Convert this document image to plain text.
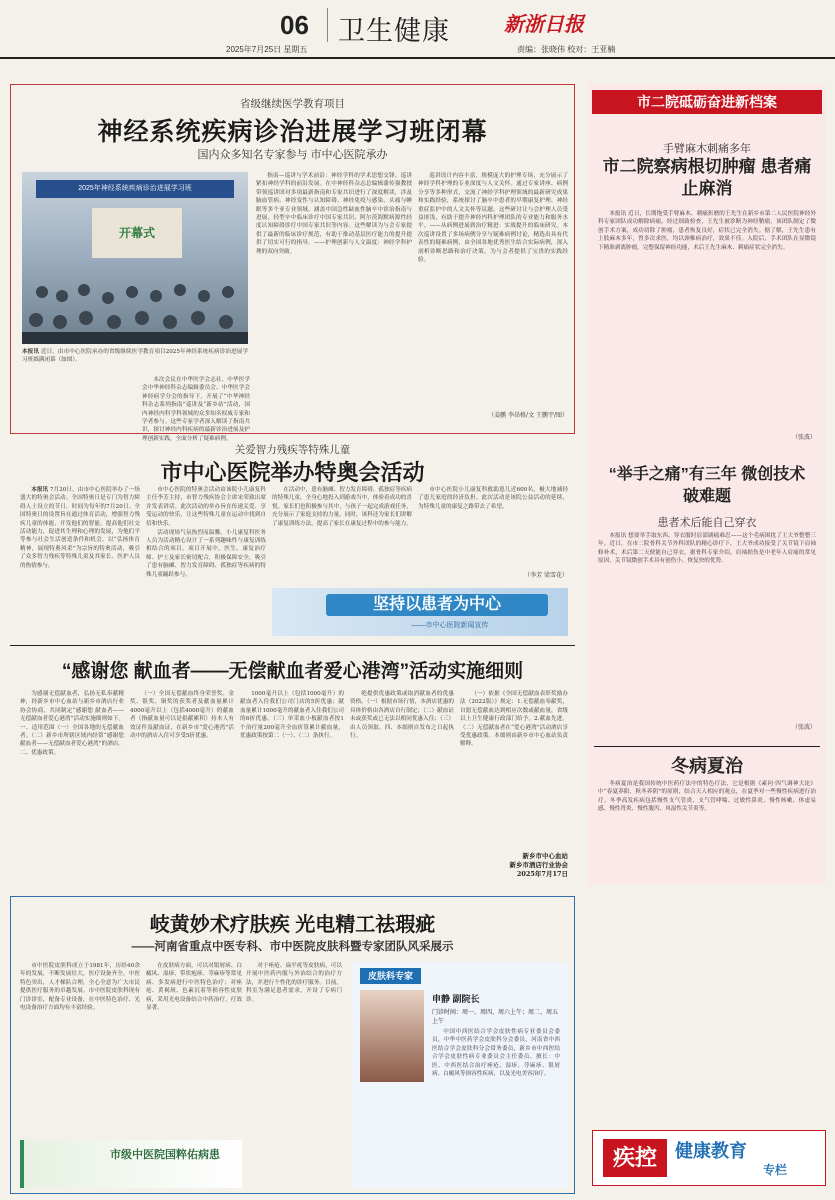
06 卫生健康	新浙日报
2025年7月25日 星期五	责编：张晓伟 校对：王亚楠
省级继续医学教育项目
神经系统疾病诊治进展学习班闭幕
国内众多知名专家参与 市中心医院承办
2025年神经系统疾病诊治进展学习班
开幕式
本报讯 近日，由市中心医院承办的省级继续医学教育项目2025年神经系统疾病诊治进展学习班圆满闭幕（如图）。

本次会议在中华医学会志社、中华医学会中华神经科杂志编辑委员会、中华医学会神经病学分会的指导下，开展了“中华神经科杂志系列指南”巡讲及“新乡站”活动，国内神经内科学科领域的众多知名权威专家和学者参与。这些专家学者深入解读了指南共识，探讨神经内科疾病的最新诊治进展及护理创新实践，全面分析了疑难病例。

指南—巡讲与学术前沿：神经学科的学术思想交锋。巡讲紧扣神经学科的前沿发展。在中神经科杂志总编辑蒲传强教授带领巡讲团对多项最新指南和专家共识进行了深度解读，涉及脑血管病、神经变性与认知障碍、神经免疫与感染、头痛与睡眠等多个亚专业领域。涵盖中国急性缺血性脑卒中诊治指南与进展、轻型卒中临床诊疗中国专家共识、阿尔茨海默病源性轻度认知障碍诊疗中国专家共识等内容。这些解读为与会专家提供了最新的临床诊疗规范，有助于推动基层医疗能力的提升提供了切实可行的指导。——护理创新与人文温度：神经学科护理的双向突破。

巡讲设计内容丰富，规模庞大的护理专场，充分展示了神经学科护理的专业深度与人文关怀。通过专家讲座、病例分享等多种形式，交流了神经学科护理领域的最新研究成果和实践经验，系统探讨了脑卒中患者的早期康复护理、神经重症监护中的人文关怀等议题。这些研讨让与会护理人员受益匪浅，有助于提升神经内科护理团队的专业能力和服务水平。——从病例进展到治疗精进：实战提升的临床研究。本次巡讲设置了多场病例分享与疑难病例讨论，精选出具有代表性的疑难病例，由全国各地优秀医生结合实际病例，深入剖析诊断思路和治疗决策，为与会者提供了宝贵的实践经验。

（姜鹏 李昂格/文 王鹏宇/图）
关爱智力残疾等特殊儿童
市中心医院举办特奥会活动

本报讯 7月20日，由市中心医院举办了一场盛大的特奥会活动。全国特奥日是专门为智力障碍人士设立的节日，时间为每年的7月20日。全国特奥日的设置旨在通过体育活动，增强智力残疾儿童的体能，开发他们的智能，提高他们社交活动能力，促进其生理和心理的发展，为他们平等参与社会生活创造条件和机会，以“弘扬体育精神，展现特奥风采”为宗旨的特奥活动，吸引了众多智力残疾等特殊儿童及其家长、医护人员的热情参与。

市中心医院的特奥会活动由该院小儿康复科主任李芳主持，市智力残疾协会主席宋荣致出席并发表讲话。此次活动的举办旨在传递关爱、享受运动的快乐，让这些特殊儿童在运动中找到自信和快乐。

活动现场气氛热烈而温馨。小儿康复科医务人员为活动精心设计了一系列趣味性与康复训练相结合的项目。项目开展中，医生、康复治疗师、护士及家长密切配合，积极保障安全，吸引了患有脑瘫、智力发育障碍、孤独症等疾病的特殊儿童踊跃参与。

在活动中，患有脑瘫、智力发育障碍、孤独症等疾病的特殊儿童，全身心地投入到游戏当中，体验着成功的喜悦。家长们也积极参与其中，与孩子一起完成游戏任务，充分展示了家庭支持的力量。同时，该科还为家长们讲解了康复训练方法，提高了家长在康复过程中的参与能力。

市中心医院小儿康复科救助患儿近600名，极大地减轻了患儿家庭的经济负担。此次活动是该院公益活动的延续，为特殊儿童的康复之路带去了希望。

（李芳 梁雪花）
坚持以患者为中心
——市中心医院新闻宣传
“感谢您 献血者——无偿献血者爱心港湾”活动实施细则

为感谢无偿献血者，弘扬无私奉献精神，经新乡市中心血站与新乡市酒店行业协会协商，共同制定“感谢您 献血者——无偿献血者爱心港湾”活动实施细则如下。一、适用范围（一）全国各地的无偿献血者。（二）新乡市所辖区域内经常“感谢您 献血者——无偿献血者爱心港湾”的酒店。二、优惠政策。

（一）全国无偿献血终身荣誉奖、金奖、银奖、铜奖的获奖者及献血量累计4000毫升以上（包括4000毫升）的献血者（指献血量可以是捐献累积）持本人有效证件及献血证，在新乡市“爱心港湾”活动中的酒店入住可享受5折优惠。

1000毫升以上（包括1000毫升）的献血者入住我们公司门店的5折优惠；献血量累计1000毫升的献血者入住我们公司的6折优惠。（三）单采血小板献血者按1个治疗量200毫升全血折算累计献血量，优惠政策按第二（一）、（二）条执行。

绝提供优惠政策或取消献血者的优惠资格。（一）根据市场行情，本酒店优惠的具体价格由各酒店自行制定；（二）献血证未或获奖或已无法以相同优惠入住；（三）由人员领取。四、本细则自发布之日起执行。

（一）依据《全国无偿献血表彰奖励办法（2022版）》规定：1.无偿献血奉献奖，自愿无偿献血达到相应次数或献血量，省级以上卫生健康行政部门给予。2.献血先进。（二）无偿献血者在“爱心港湾”活动酒店享受优惠政策。本细则由新乡市中心血站负责解释。

新乡市中心血站
新乡市酒店行业协会
2025年7月17日
市二院砥砺奋进新档案
手臂麻木刺痛多年
市二院察病根切肿瘤 患者痛止麻消

本报讯 近日，长期饱受手臂麻木、刺痛折磨的王先生在新乡市第二人民医院神经外科专家团队成功解除病痛。经过细致检查，王先生被诊断为神经鞘瘤，该团队制定了微创手术方案，成功切除了肿瘤，患者恢复良好，症状已完全消失。据了解，王先生患有上肢麻木多年，曾多次求医，均以颈椎病治疗，效果不佳。入院后，手术团队在显微镜下精准剥离肿瘤，完整保留神经功能，术后王先生麻木、刺痛症状完全消失。

（张波）
“举手之痛”有三年 微创技术破难题
患者术后能自己穿衣

本报讯 想要举手取东西、穿衣服时肩部剧痛难忍——这个毛病困扰了王大爷整整三年。近日，在市二院骨科关节外科团队的精心诊疗下，王大爷成功接受了关节镜下肩袖修补术，术后第二天便能自己穿衣。据骨科专家介绍，肩袖损伤是中老年人肩痛的常见原因，关节镜微创手术具有创伤小、恢复快的优势。

（张波）
冬病夏治

冬病夏治是我国传统中医药疗法中的特色疗法，它是根据《素问·四气调神大论》中“春夏养阳，秋冬养阴”的原则，结合天人相应的观点，在夏季对一些慢性疾病进行治疗。冬季高发疾病包括慢性支气管炎、支气管哮喘、过敏性鼻炎、慢性咳嗽、体虚易感、慢性胃炎、慢性腹泻、风湿性关节炎等。

岐黄妙术疗肤疾 光电精工祛瑕疵
——河南省重点中医专科、市中医院皮肤科暨专家团队风采展示

市中医院皮肤科成立于1981年，历经40余年的发展，不断发展壮大，医疗设备齐全，中医特色突出，人才梯队合理，全心全意为广大市民提供医疗服务的卓越发展。市中医院皮肤科现有门诊诊室，配备专业设备，在中医特色治疗、光电设备治疗方面均有丰富经验。

在皮肤病方面，可以对银屑病、白癜风、湿疹、带状疱疹、荨麻疹等常见病、多发病进行中医特色治疗；对痤疮、黄褐斑、色素沉着等损容性皮肤病，采用光电设备结合中药治疗，疗效显著。

对于痤疮、扁平疣等皮肤病，可以开展中医药内服与外治结合的治疗方法，并进行个性化的诊疗服务。目前，科室为满足患者需求，开设了专病门诊。

市级中医院国粹佑病患
皮肤科专家
申静 副院长
门诊时间：周一、周四、周六上午；周二、周五上午

中国中西医结合学会皮肤性病专业委员会委员，中华中医药学会皮肤科分会委员，河南省中西医结合学会皮肤科分会常务委员，新乡市中西医结合学会皮肤性病专业委员会主任委员。擅长：中医、中西医结合治疗痤疮、湿疹、荨麻疹、银屑病、白癜风等损容性疾病，以及光电美容治疗。

疾控	健康教育
专栏
